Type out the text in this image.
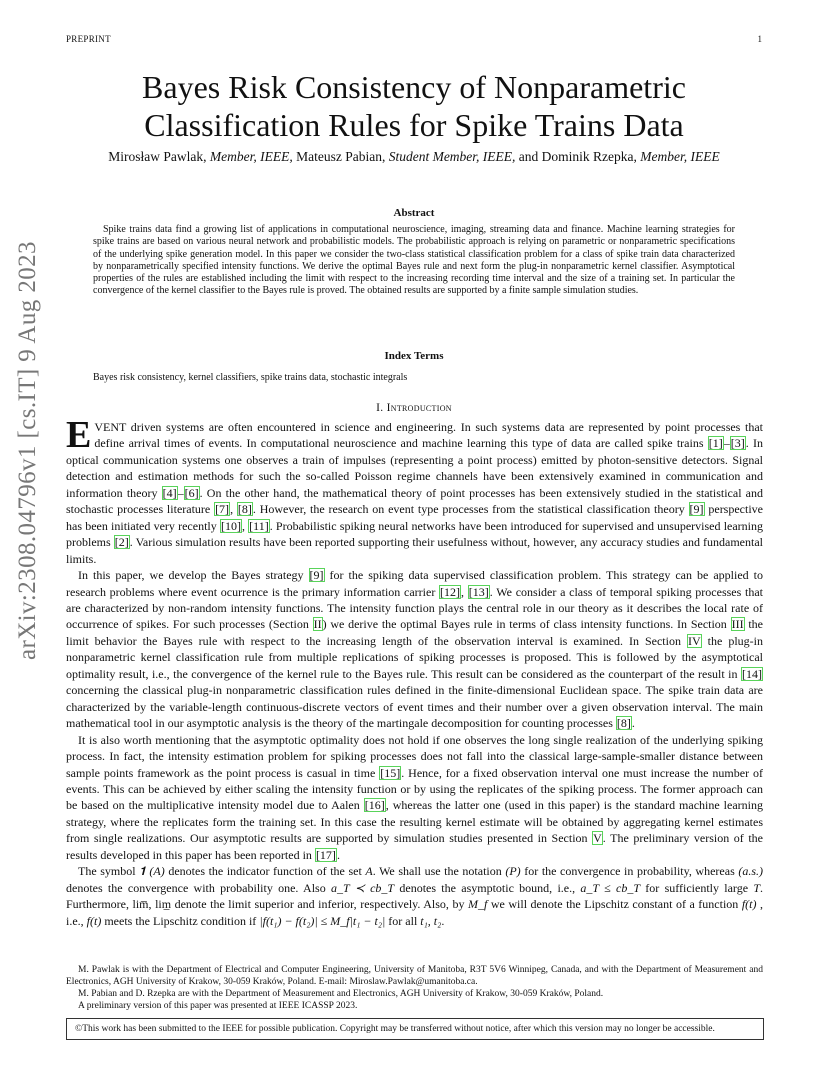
PREPRINT	1
arXiv:2308.04796v1 [cs.IT] 9 Aug 2023
Bayes Risk Consistency of Nonparametric
Classification Rules for Spike Trains Data
Mirosław Pawlak, Member, IEEE, Mateusz Pabian, Student Member, IEEE, and Dominik Rzepka, Member, IEEE
Abstract
Spike trains data find a growing list of applications in computational neuroscience, imaging, streaming data and finance. Machine learning strategies for spike trains are based on various neural network and probabilistic models. The probabilistic approach is relying on parametric or nonparametric specifications of the underlying spike generation model. In this paper we consider the two-class statistical classification problem for a class of spike train data characterized by nonparametrically specified intensity functions. We derive the optimal Bayes rule and next form the plug-in nonparametric kernel classifier. Asymptotical properties of the rules are established including the limit with respect to the increasing recording time interval and the size of a training set. In particular the convergence of the kernel classifier to the Bayes rule is proved. The obtained results are supported by a finite sample simulation studies.
Index Terms
Bayes risk consistency, kernel classifiers, spike trains data, stochastic integrals
I. Introduction

EVENT driven systems are often encountered in science and engineering. In such systems data are represented by point processes that define arrival times of events. In computational neuroscience and machine learning this type of data are called spike trains [1]–[3]. In optical communication systems one observes a train of impulses (representing a point process) emitted by photon-sensitive detectors. Signal detection and estimation methods for such the so-called Poisson regime channels have been extensively examined in communication and information theory [4]–[6]. On the other hand, the mathematical theory of point processes has been extensively studied in the statistical and stochastic processes literature [7], [8]. However, the research on event type processes from the statistical classification theory [9] perspective has been initiated very recently [10], [11]. Probabilistic spiking neural networks have been introduced for supervised and unsupervised learning problems [2]. Various simulation results have been reported supporting their usefulness without, however, any accuracy studies and fundamental limits.

In this paper, we develop the Bayes strategy [9] for the spiking data supervised classification problem. This strategy can be applied to research problems where event ocurrence is the primary information carrier [12], [13]. We consider a class of temporal spiking processes that are characterized by non-random intensity functions. The intensity function plays the central role in our theory as it describes the local rate of occurrence of spikes. For such processes (Section II) we derive the optimal Bayes rule in terms of class intensity functions. In Section III the limit behavior the Bayes rule with respect to the increasing length of the observation interval is examined. In Section IV the plug-in nonparametric kernel classification rule from multiple replications of spiking processes is proposed. This is followed by the asymptotical optimality result, i.e., the convergence of the kernel rule to the Bayes rule. This result can be considered as the counterpart of the result in [14] concerning the classical plug-in nonparametric classification rules defined in the finite-dimensional Euclidean space. The spike train data are characterized by the variable-length continuous-discrete vectors of event times and their number over a given observation interval. The main mathematical tool in our asymptotic analysis is the theory of the martingale decomposition for counting processes [8].

It is also worth mentioning that the asymptotic optimality does not hold if one observes the long single realization of the underlying spiking process. In fact, the intensity estimation problem for spiking processes does not fall into the classical large-sample-smaller distance between sample points framework as the point process is casual in time [15]. Hence, for a fixed observation interval one must increase the number of events. This can be achieved by either scaling the intensity function or by using the replicates of the spiking process. The former approach can be based on the multiplicative intensity model due to Aalen [16], whereas the latter one (used in this paper) is the standard machine learning strategy, where the replicates form the training set. In this case the resulting kernel estimate will be obtained by aggregating kernel estimates from single realizations. Our asymptotic results are supported by simulation studies presented in Section V. The preliminary version of the results developed in this paper has been reported in [17].

The symbol 𝟏 (A) denotes the indicator function of the set A. We shall use the notation (P) for the convergence in probability, whereas (a.s.) denotes the convergence with probability one. Also a_T ≺ cb_T denotes the asymptotic bound, i.e., a_T ≤ cb_T for sufficiently large T. Furthermore, lim̅, lim̲ denote the limit superior and inferior, respectively. Also, by M_f we will denote the Lipschitz constant of a function f(t) , i.e., f(t) meets the Lipschitz condition if |f(t₁) − f(t₂)| ≤ M_f|t₁ − t₂| for all t₁, t₂.

M. Pawlak is with the Department of Electrical and Computer Engineering, University of Manitoba, R3T 5V6 Winnipeg, Canada, and with the Department of Measurement and Electronics, AGH University of Krakow, 30-059 Kraków, Poland. E-mail: Miroslaw.Pawlak@umanitoba.ca.

M. Pabian and D. Rzepka are with the Department of Measurement and Electronics, AGH University of Krakow, 30-059 Kraków, Poland.

A preliminary version of this paper was presented at IEEE ICASSP 2023.

©This work has been submitted to the IEEE for possible publication. Copyright may be transferred without notice, after which this version may no longer be accessible.
